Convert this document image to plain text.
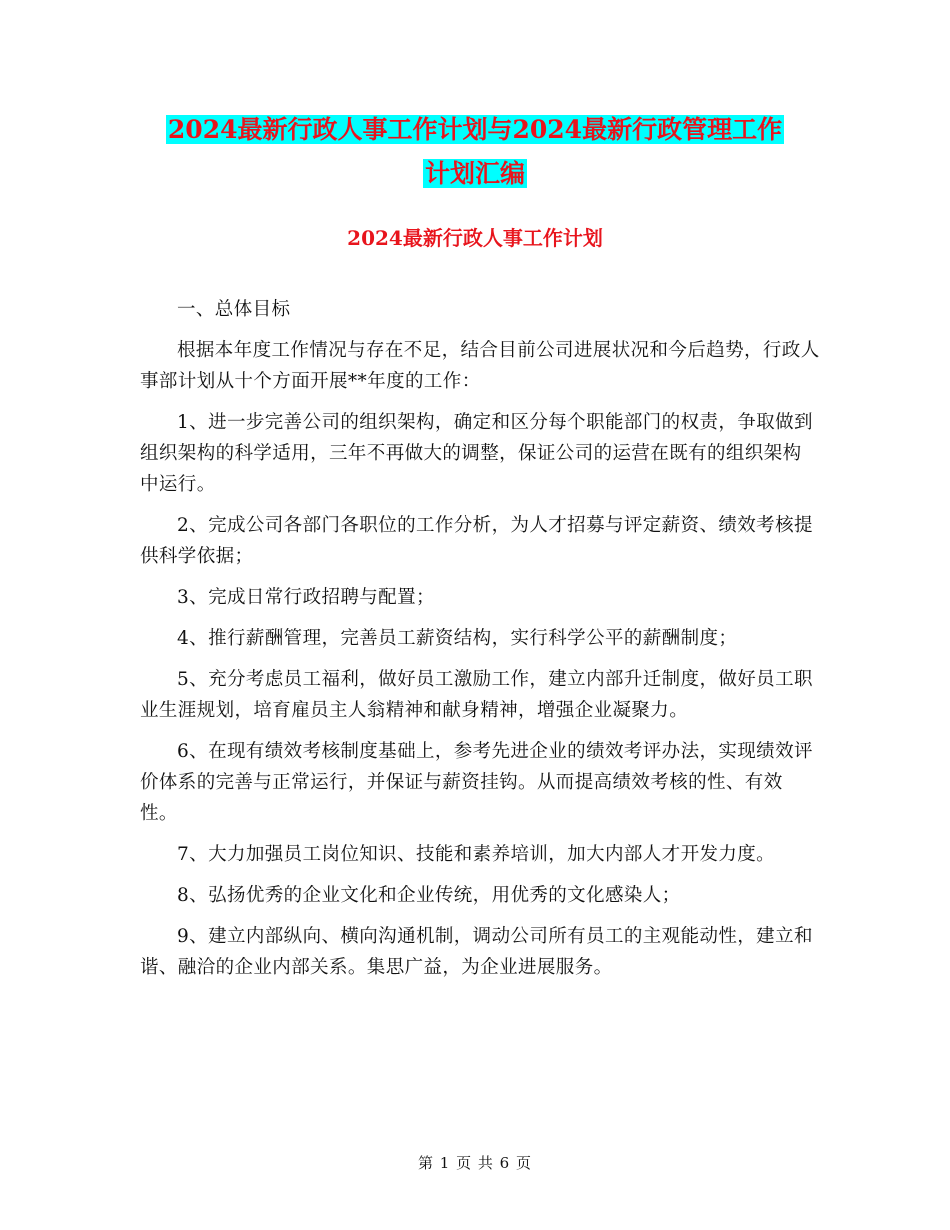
2024最新行政人事工作计划与2024最新行政管理工作
计划汇编
2024最新行政人事工作计划

一、总体目标

根据本年度工作情况与存在不足，结合目前公司进展状况和今后趋势，行政人事部计划从十个方面开展**年度的工作：

1、进一步完善公司的组织架构，确定和区分每个职能部门的权责，争取做到组织架构的科学适用，三年不再做大的调整，保证公司的运营在既有的组织架构中运行。

2、完成公司各部门各职位的工作分析，为人才招募与评定薪资、绩效考核提供科学依据；

3、完成日常行政招聘与配置；

4、推行薪酬管理，完善员工薪资结构，实行科学公平的薪酬制度；

5、充分考虑员工福利，做好员工激励工作，建立内部升迁制度，做好员工职业生涯规划，培育雇员主人翁精神和献身精神，增强企业凝聚力。

6、在现有绩效考核制度基础上，参考先进企业的绩效考评办法，实现绩效评价体系的完善与正常运行，并保证与薪资挂钩。从而提高绩效考核的性、有效性。

7、大力加强员工岗位知识、技能和素养培训，加大内部人才开发力度。

8、弘扬优秀的企业文化和企业传统，用优秀的文化感染人；

9、建立内部纵向、横向沟通机制，调动公司所有员工的主观能动性，建立和谐、融洽的企业内部关系。集思广益，为企业进展服务。

第 1 页 共 6 页
